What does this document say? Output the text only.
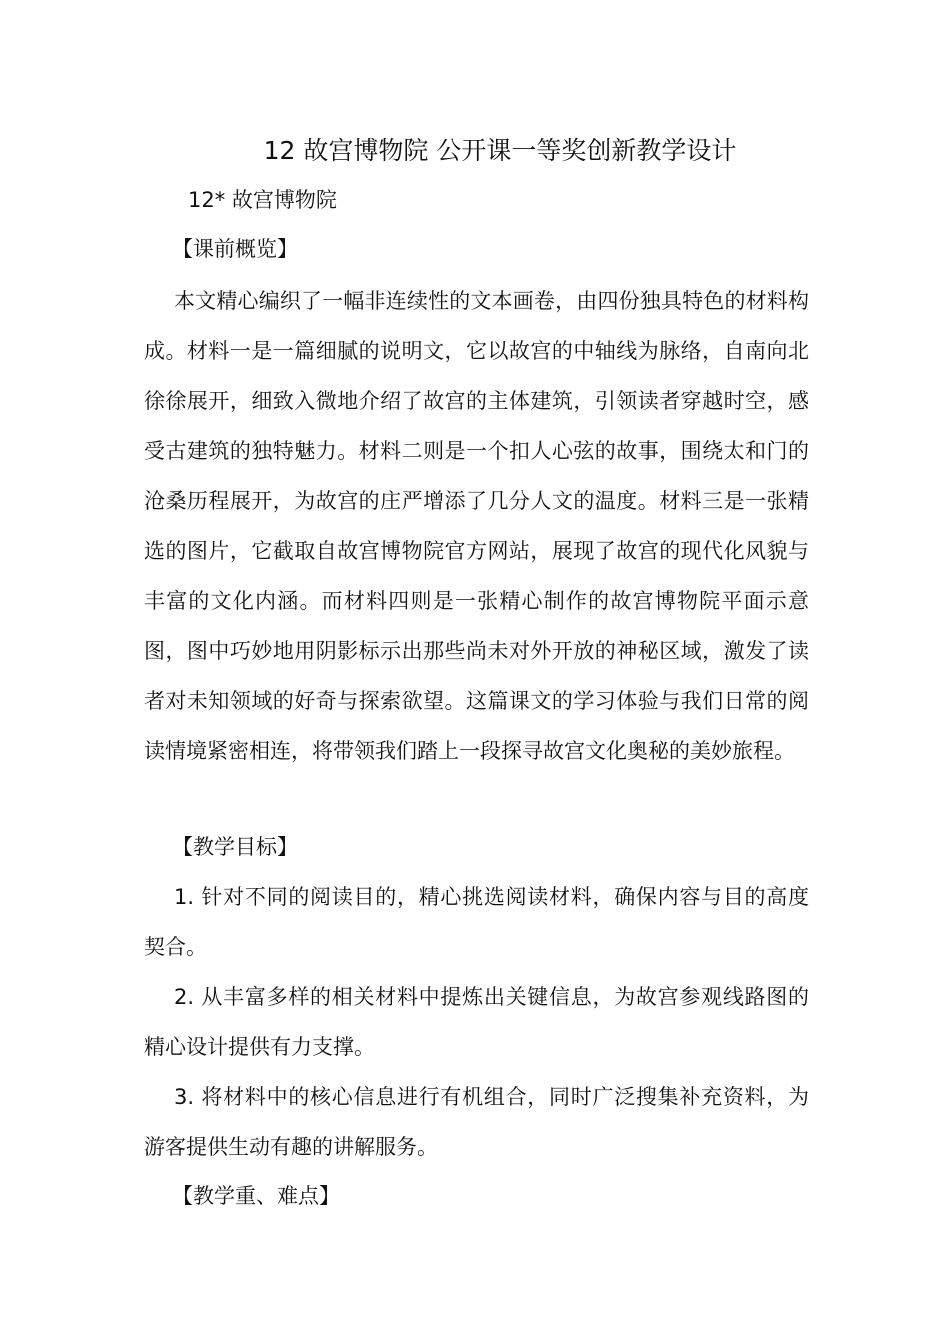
12 故宫博物院 公开课一等奖创新教学设计
12* 故宫博物院
【课前概览】

本文精心编织了一幅非连续性的文本画卷，由四份独具特色的材料构成。材料一是一篇细腻的说明文，它以故宫的中轴线为脉络，自南向北徐徐展开，细致入微地介绍了故宫的主体建筑，引领读者穿越时空，感受古建筑的独特魅力。材料二则是一个扣人心弦的故事，围绕太和门的沧桑历程展开，为故宫的庄严增添了几分人文的温度。材料三是一张精选的图片，它截取自故宫博物院官方网站，展现了故宫的现代化风貌与丰富的文化内涵。而材料四则是一张精心制作的故宫博物院平面示意图，图中巧妙地用阴影标示出那些尚未对外开放的神秘区域，激发了读者对未知领域的好奇与探索欲望。这篇课文的学习体验与我们日常的阅读情境紧密相连，将带领我们踏上一段探寻故宫文化奥秘的美妙旅程。

【教学目标】

1. 针对不同的阅读目的，精心挑选阅读材料，确保内容与目的高度契合。

2. 从丰富多样的相关材料中提炼出关键信息，为故宫参观线路图的精心设计提供有力支撑。

3. 将材料中的核心信息进行有机组合，同时广泛搜集补充资料，为游客提供生动有趣的讲解服务。

【教学重、难点】
